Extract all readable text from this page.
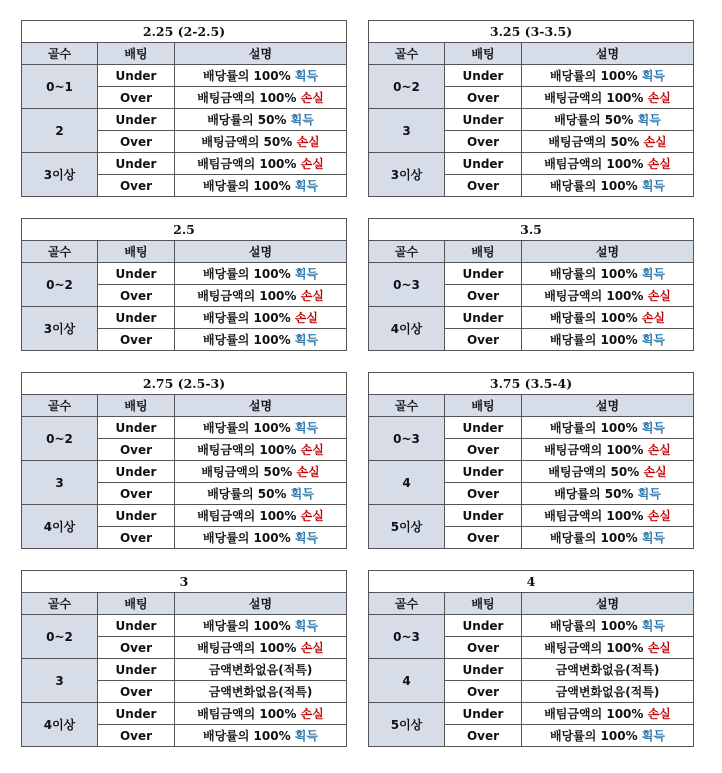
2.25 (2-2.5)		
골수	배팅	설명
0~1	Under	배당률의 100% 획득
	Over	배팅금액의 100% 손실
2	Under	배당률의 50% 획득
	Over	배팅금액의 50% 손실
3이상	Under	배팀금액의 100% 손실
	Over	배당률의 100% 획득
3.25 (3-3.5)		
골수	배팅	설명
0~2	Under	배당률의 100% 획득
	Over	배팅금액의 100% 손실
3	Under	배당률의 50% 획득
	Over	배팅금액의 50% 손실
3이상	Under	배팀금액의 100% 손실
	Over	배당률의 100% 획득
2.5		
골수	배팅	설명
0~2	Under	배당률의 100% 획득
	Over	배팅금액의 100% 손실
3이상	Under	배당률의 100% 손실
	Over	배당률의 100% 획득
3.5		
골수	배팅	설명
0~3	Under	배당률의 100% 획득
	Over	배팅금액의 100% 손실
4이상	Under	배당률의 100% 손실
	Over	배당률의 100% 획득
2.75 (2.5-3)		
골수	배팅	설명
0~2	Under	배당률의 100% 획득
	Over	배팅금액의 100% 손실
3	Under	배팅금액의 50% 손실
	Over	배당률의 50% 획득
4이상	Under	배팀금액의 100% 손실
	Over	배당률의 100% 획득
3.75 (3.5-4)		
골수	배팅	설명
0~3	Under	배당률의 100% 획득
	Over	배팅금액의 100% 손실
4	Under	배팅금액의 50% 손실
	Over	배당률의 50% 획득
5이상	Under	배팀금액의 100% 손실
	Over	배당률의 100% 획득
3		
골수	배팅	설명
0~2	Under	배당률의 100% 획득
	Over	배팅금액의 100% 손실
3	Under	금액변화없음(적특)
	Over	금액변화없음(적특)
4이상	Under	배팀금액의 100% 손실
	Over	배당률의 100% 획득
4		
골수	배팅	설명
0~3	Under	배당률의 100% 획득
	Over	배팅금액의 100% 손실
4	Under	금액변화없음(적특)
	Over	금액변화없음(적특)
5이상	Under	배팀금액의 100% 손실
	Over	배당률의 100% 획득
